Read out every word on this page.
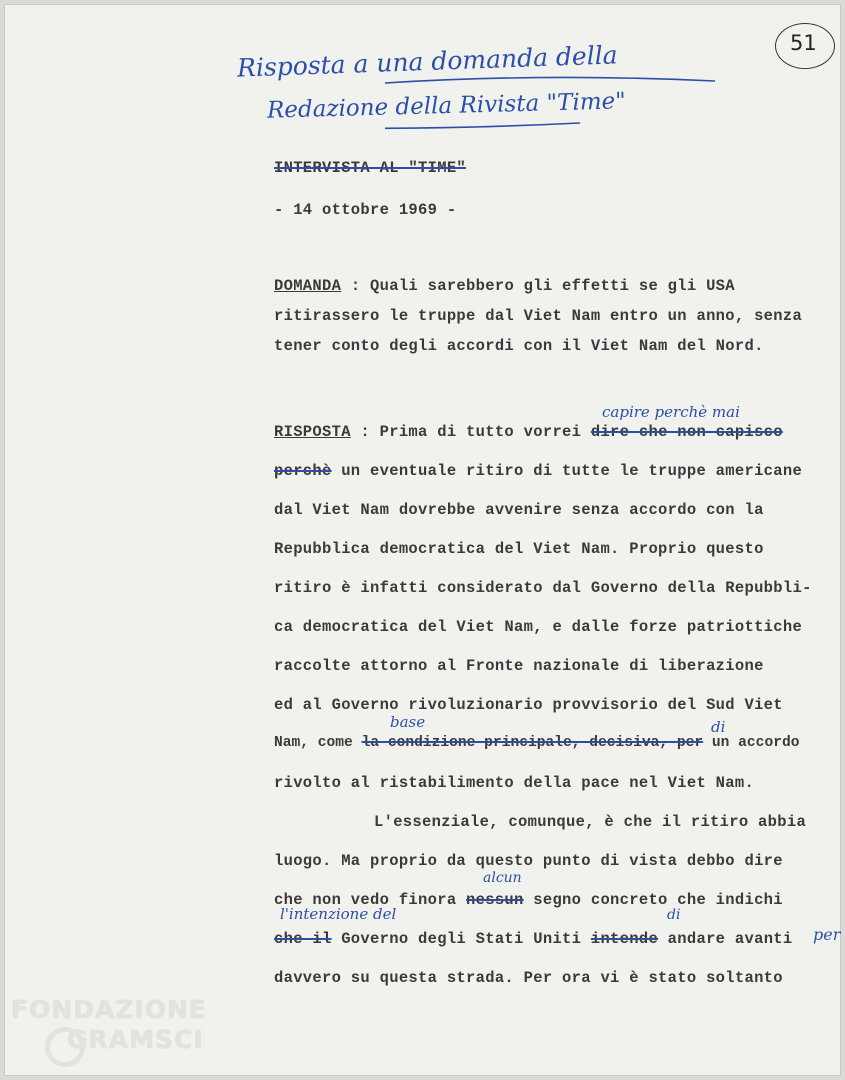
51
Risposta a una domanda della
Redazione della Rivista "Time"
INTERVISTA AL "TIME"
- 14 ottobre 1969 -
DOMANDA : Quali sarebbero gli effetti se gli USA
ritirassero le truppe dal Viet Nam entro un anno, senza
tener conto degli accordi con il Viet Nam del Nord.
capire perchè mai
RISPOSTA : Prima di tutto vorrei dire che non capisco
perchè un eventuale ritiro di tutte le truppe americane
dal Viet Nam dovrebbe avvenire senza accordo con la
Repubblica democratica del Viet Nam. Proprio questo
ritiro è infatti considerato dal Governo della Repubbli-
ca democratica del Viet Nam, e dalle forze patriottiche
raccolte attorno al Fronte nazionale di liberazione
ed al Governo rivoluzionario provvisorio del Sud Viet
base	di
Nam, come la condizione principale, decisiva, per un accordo
rivolto al ristabilimento della pace nel Viet Nam.
L'essenziale, comunque, è che il ritiro abbia
luogo. Ma proprio da questo punto di vista debbo dire
alcun
che non vedo finora nessun segno concreto che indichi
l'intenzione del	di
che il Governo degli Stati Uniti intende andare avanti per
davvero su questa strada. Per ora vi è stato soltanto
FONDAZIONE
GRAMSCI
